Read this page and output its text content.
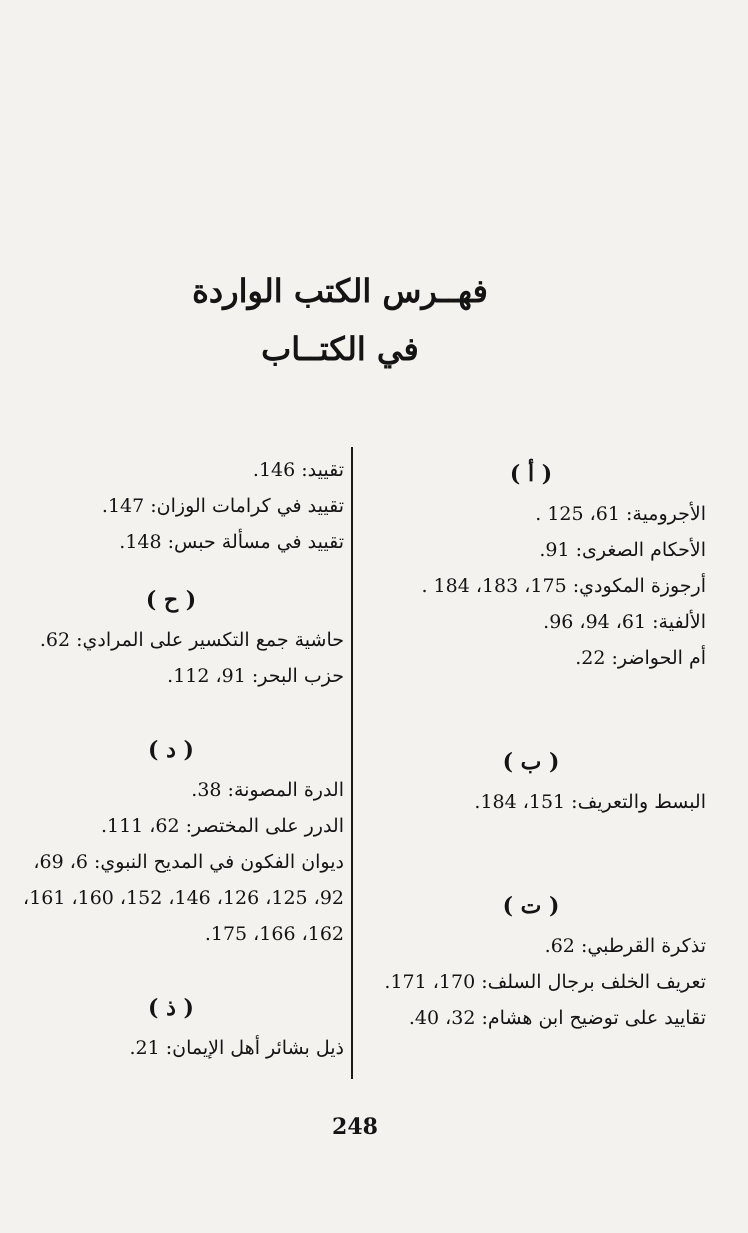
فهــرس الكتب الواردة
في الكتــاب
( أ )
الأجرومية: 61، 125 .
الأحكام الصغرى: 91.
أرجوزة المكودي: 175، 183، 184 .
الألفية: 61، 94، 96.
أم الحواضر: 22.
( ب )
البسط والتعريف: 151، 184.
( ت )
تذكرة القرطبي: 62.
تعريف الخلف برجال السلف: 170، 171.
تقاييد على توضيح ابن هشام: 32، 40.
تقييد: 146.
تقييد في كرامات الوزان: 147.
تقييد في مسألة حبس: 148.
( ح )
حاشية جمع التكسير على المرادي: 62.
حزب البحر: 91، 112.
( د )
الدرة المصونة: 38.
الدرر على المختصر: 62، 111.
ديوان الفكون في المديح النبوي: 6، 69، 92، 125، 126، 146، 152، 160، 161، 162، 166، 175.
( ذ )
ذيل بشائر أهل الإيمان: 21.
248
